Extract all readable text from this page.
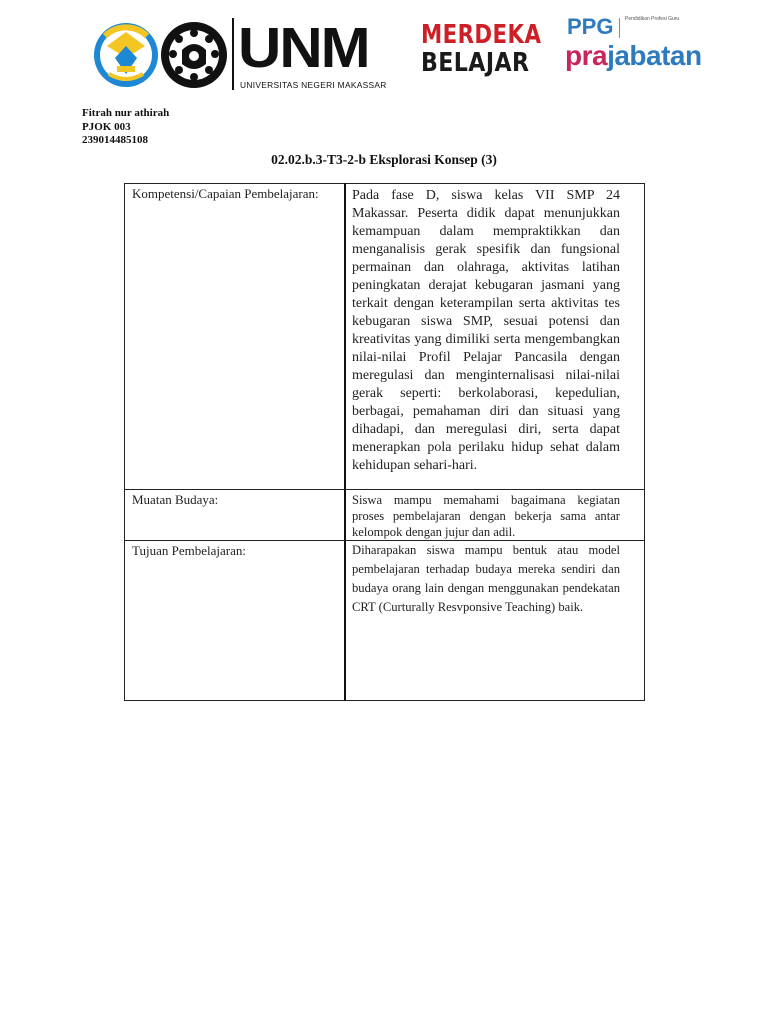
UNM
UNIVERSITAS NEGERI MAKASSAR
MERDEKA
BELAJAR
PPG Pendidikan Profesi Guru
prajabatan
Fitrah nur athirah
PJOK 003
239014485108
02.02.b.3-T3-2-b Eksplorasi Konsep (3)
Kompetensi/Capaian Pembelajaran:	Pada fase D, siswa kelas VII SMP 24 Makassar. Peserta didik dapat menunjukkan kemampuan dalam mempraktikkan dan menganalisis gerak spesifik dan fungsional permainan dan olahraga, aktivitas latihan peningkatan derajat kebugaran jasmani yang terkait dengan keterampilan serta aktivitas tes kebugaran siswa SMP, sesuai potensi dan kreativitas yang dimiliki serta mengembangkan nilai-nilai Profil Pelajar Pancasila dengan meregulasi dan menginternalisasi nilai-nilai gerak seperti: berkolaborasi, kepedulian, berbagai, pemahaman diri dan situasi yang dihadapi, dan meregulasi diri, serta dapat menerapkan pola perilaku hidup sehat dalam kehidupan sehari-hari.

Muatan Budaya:	Siswa mampu memahami bagaimana kegiatan proses pembelajaran dengan bekerja sama antar kelompok dengan jujur dan adil.

Tujuan Pembelajaran:	Diharapakan siswa mampu bentuk atau model pembelajaran terhadap budaya mereka sendiri dan budaya orang lain dengan menggunakan pendekatan CRT (Curturally Resvponsive Teaching) baik.
